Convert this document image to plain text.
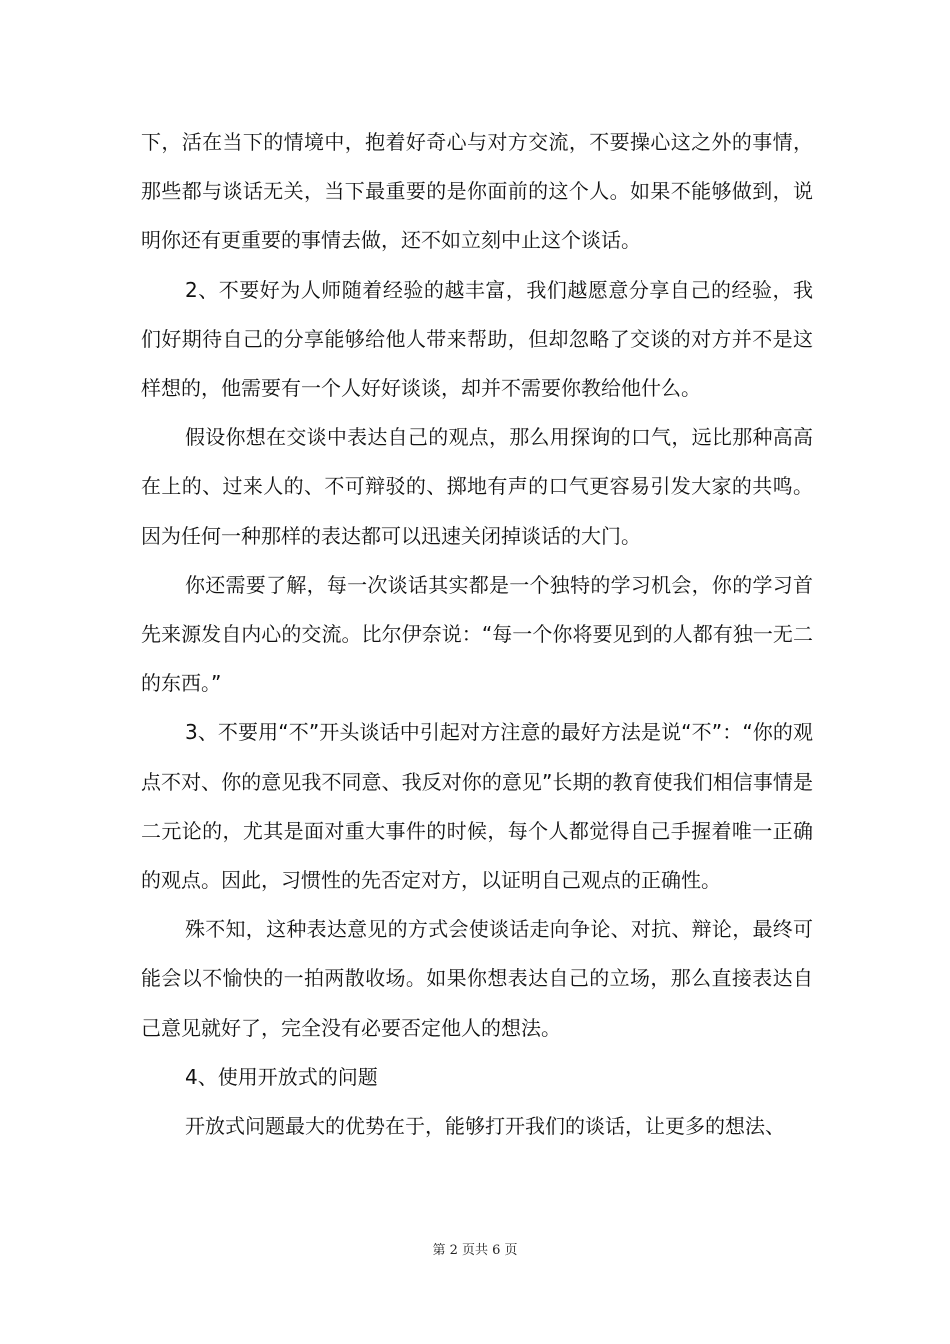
下，活在当下的情境中，抱着好奇心与对方交流，不要操心这之外的事情，那些都与谈话无关，当下最重要的是你面前的这个人。如果不能够做到，说明你还有更重要的事情去做，还不如立刻中止这个谈话。

2、不要好为人师随着经验的越丰富，我们越愿意分享自己的经验，我们好期待自己的分享能够给他人带来帮助，但却忽略了交谈的对方并不是这样想的，他需要有一个人好好谈谈，却并不需要你教给他什么。

假设你想在交谈中表达自己的观点，那么用探询的口气，远比那种高高在上的、过来人的、不可辩驳的、掷地有声的口气更容易引发大家的共鸣。因为任何一种那样的表达都可以迅速关闭掉谈话的大门。

你还需要了解，每一次谈话其实都是一个独特的学习机会，你的学习首先来源发自内心的交流。比尔伊奈说：“每一个你将要见到的人都有独一无二的东西。”

3、不要用“不”开头谈话中引起对方注意的最好方法是说“不”：“你的观点不对、你的意见我不同意、我反对你的意见”长期的教育使我们相信事情是二元论的，尤其是面对重大事件的时候，每个人都觉得自己手握着唯一正确的观点。因此，习惯性的先否定对方，以证明自己观点的正确性。

殊不知，这种表达意见的方式会使谈话走向争论、对抗、辩论，最终可能会以不愉快的一拍两散收场。如果你想表达自己的立场，那么直接表达自己意见就好了，完全没有必要否定他人的想法。

4、使用开放式的问题

开放式问题最大的优势在于，能够打开我们的谈话，让更多的想法、

第 2 页共 6 页
